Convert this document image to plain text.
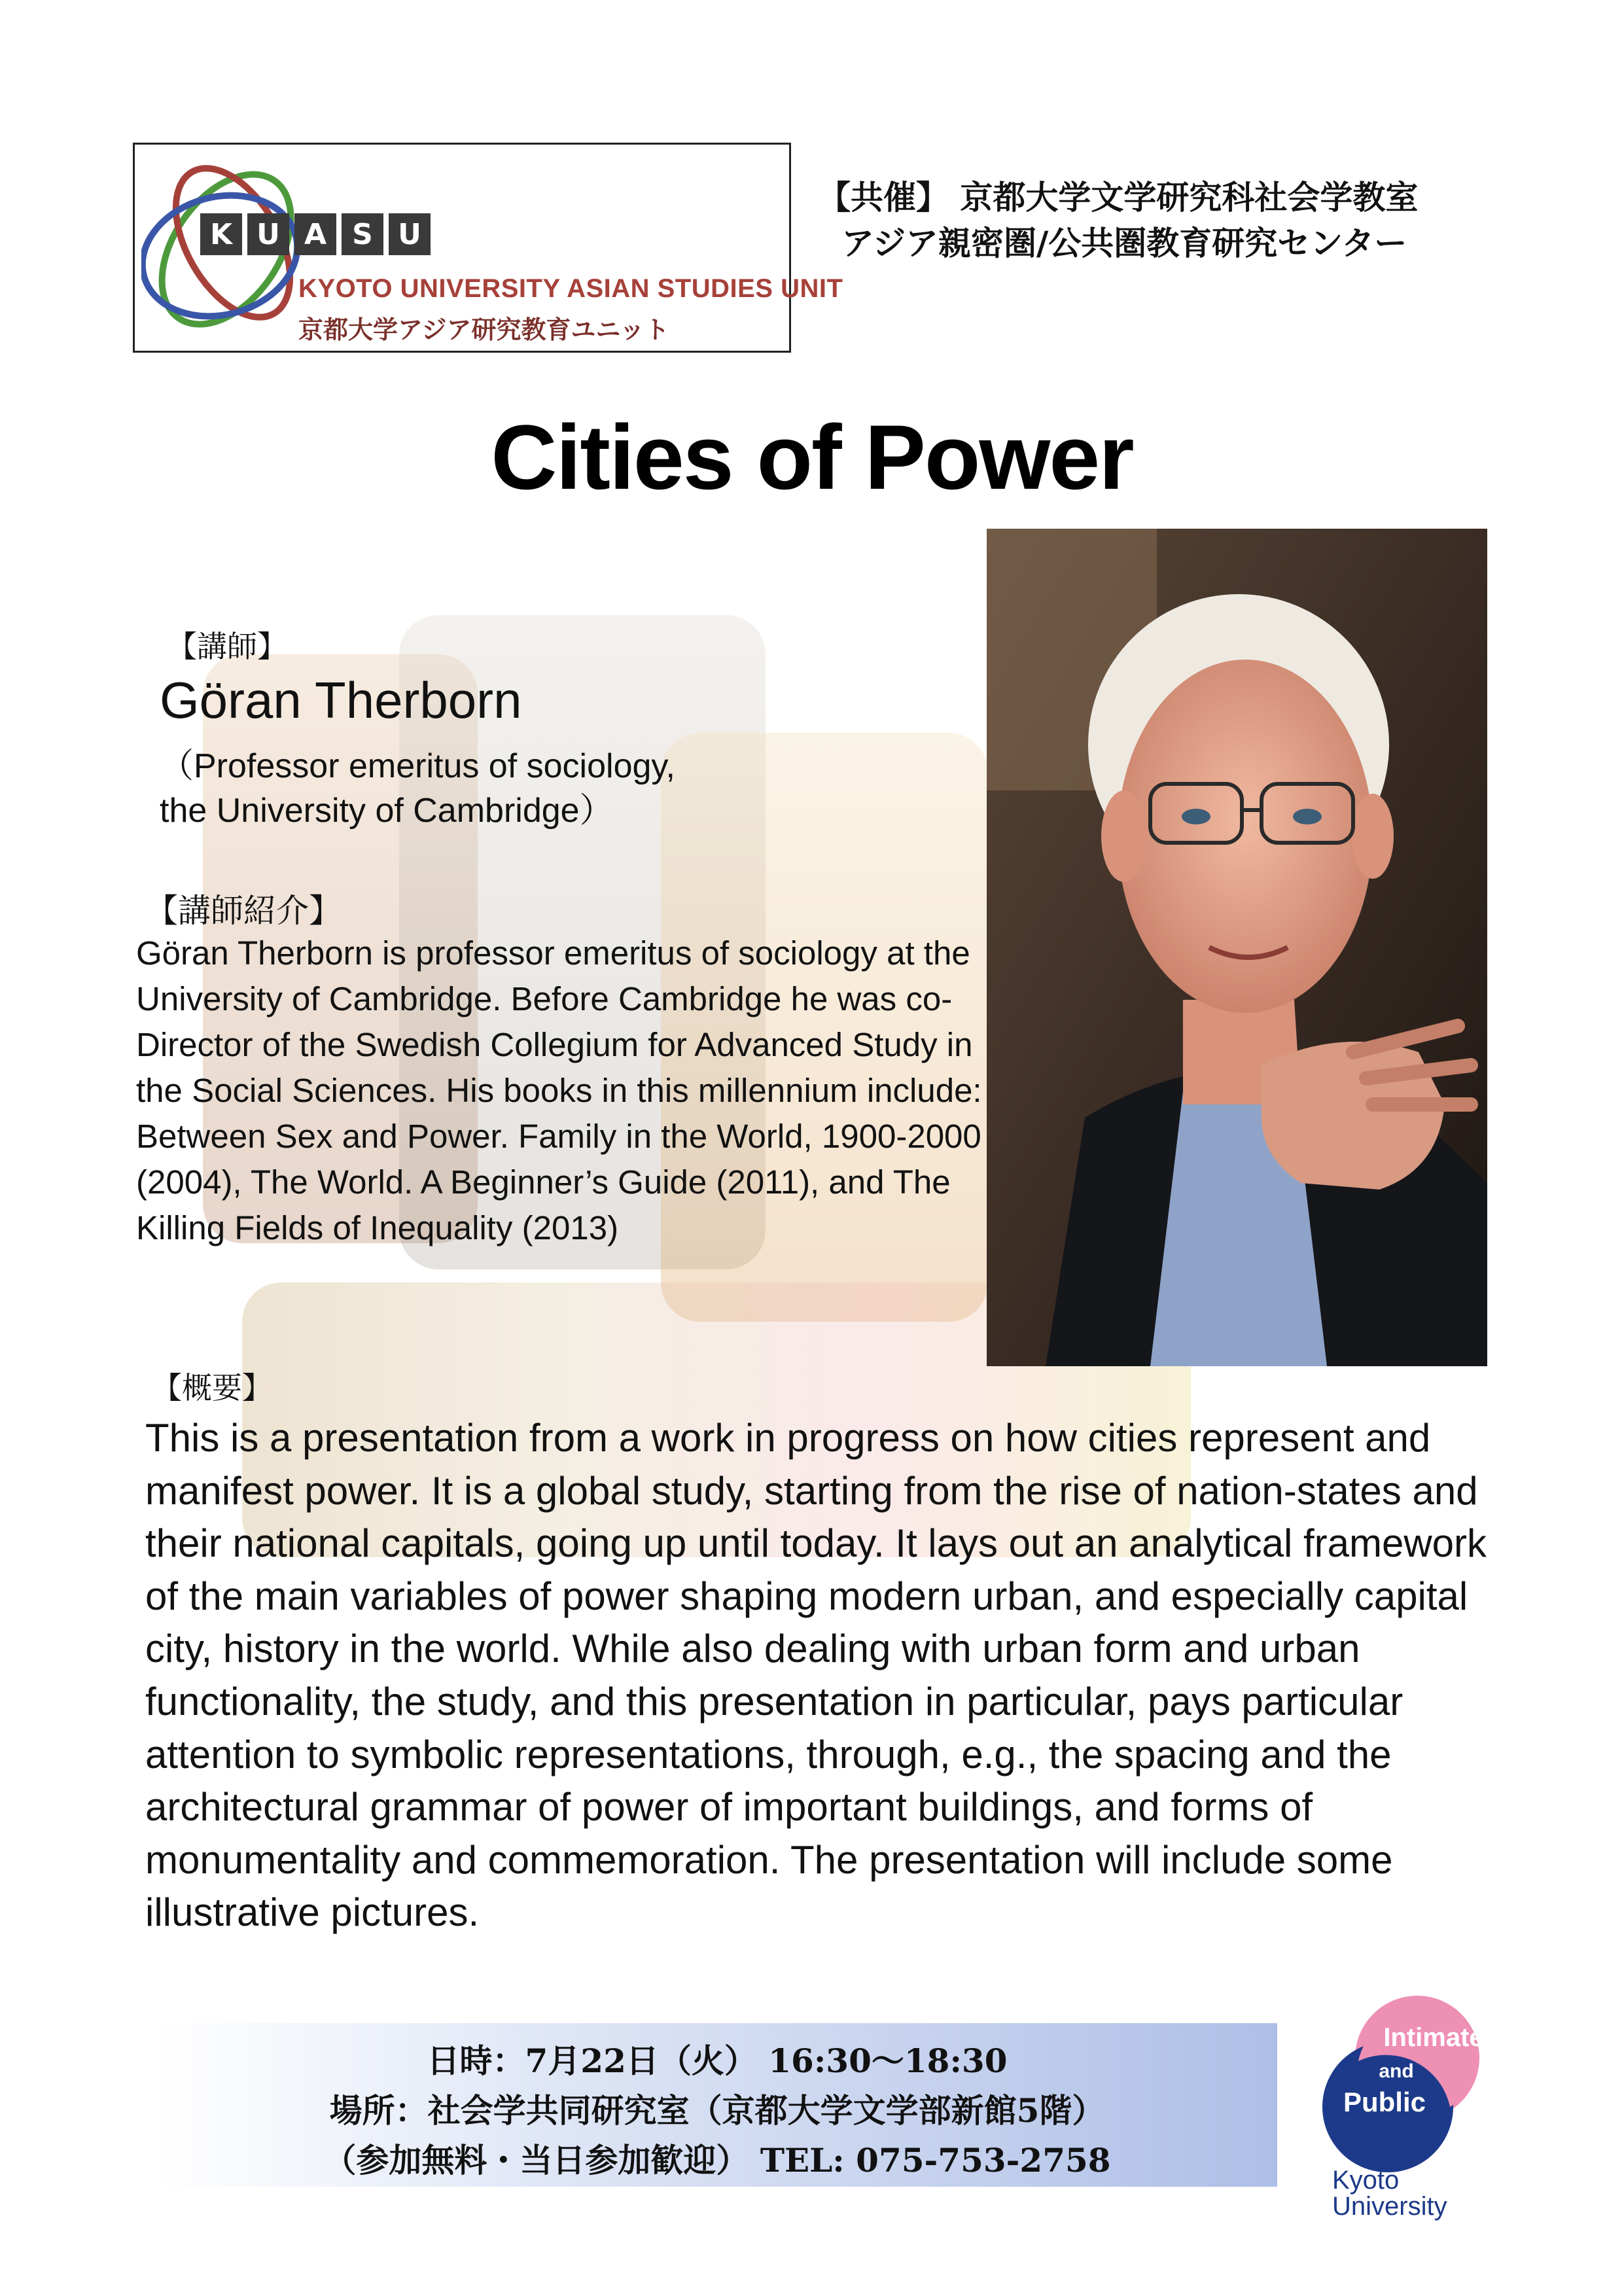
K U A S U
KYOTO UNIVERSITY ASIAN STUDIES UNIT
京都大学アジア研究教育ユニット
【共催】 京都大学文学研究科社会学教室
アジア親密圏/公共圏教育研究センター
Cities of Power
【講師】
Göran Therborn
（Professor emeritus of sociology,
the University of Cambridge）
【講師紹介】
Göran Therborn is professor emeritus of sociology at the University of Cambridge. Before Cambridge he was co-Director of the Swedish Collegium for Advanced Study in the Social Sciences. His books in this millennium include: Between Sex and Power. Family in the World, 1900-2000 (2004), The World. A Beginner’s Guide (2011), and The Killing Fields of Inequality (2013)
【概要】
This is a presentation from a work in progress on how cities represent and manifest power. It is a global study, starting from the rise of nation-states and their national capitals, going up until today. It lays out an analytical framework of the main variables of power shaping modern urban, and especially capital city, history in the world. While also dealing with urban form and urban functionality, the study, and this presentation in particular, pays particular attention to symbolic representations, through, e.g., the spacing and the architectural grammar of power of important buildings, and forms of monumentality and commemoration. The presentation will include some illustrative pictures.
日時：7月22日（火） 16:30～18:30
場所：社会学共同研究室（京都大学文学部新館5階）
（参加無料・当日参加歓迎） TEL: 075-753-2758
Intimate
and
Public
Kyoto
University
